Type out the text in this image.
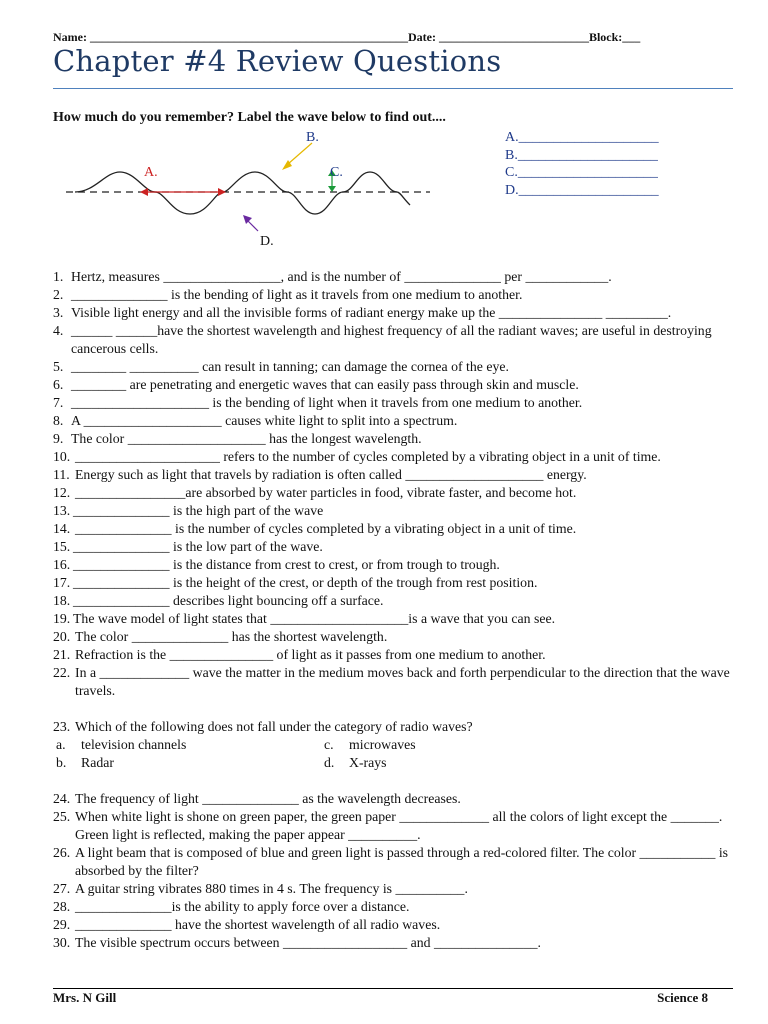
Name: _____________________________________________________Date: _________________________Block:___
Chapter #4 Review Questions
How much do you remember? Label the wave below to find out....
A.
B.
C.
D.
A.____________________
B.____________________
C.____________________
D.____________________
1. Hertz, measures _________________, and is the number of ______________ per ____________.
2. ______________ is the bending of light as it travels from one medium to another.
3. Visible light energy and all the invisible forms of radiant energy make up the _______________ _________.
4. ______ ______have the shortest wavelength and highest frequency of all the radiant waves; are useful in destroying cancerous cells.
5. ________ __________ can result in tanning; can damage the cornea of the eye.
6. ________ are penetrating and energetic waves that can easily pass through skin and muscle.
7. ____________________ is the bending of light when it travels from one medium to another.
8. A ____________________ causes white light to split into a spectrum.
9. The color ____________________ has the longest wavelength.
10. _____________________ refers to the number of cycles completed by a vibrating object in a unit of time.
11. Energy such as light that travels by radiation is often called ____________________ energy.
12. ________________are absorbed by water particles in food, vibrate faster, and become hot.
13. ______________ is the high part of the wave
14. ______________ is the number of cycles completed by a vibrating object in a unit of time.
15. ______________ is the low part of the wave.
16. ______________ is the distance from crest to crest, or from trough to trough.
17. ______________ is the height of the crest, or depth of the trough from rest position.
18. ______________ describes light bouncing off a surface.
19. The wave model of light states that ____________________is a wave that you can see.
20. The color ______________ has the shortest wavelength.
21. Refraction is the _______________ of light as it passes from one medium to another.
22. In a _____________ wave the matter in the medium moves back and forth perpendicular to the direction that the wave travels.
23. Which of the following does not fall under the category of radio waves?
a. television channels	c. microwaves
b. Radar	d. X-rays
24. The frequency of light ______________ as the wavelength decreases.
25. When white light is shone on green paper, the green paper _____________ all the colors of light except the _______. Green light is reflected, making the paper appear __________.
26. A light beam that is composed of blue and green light is passed through a red-colored filter. The color ___________ is absorbed by the filter?
27. A guitar string vibrates 880 times in 4 s. The frequency is __________.
28. ______________is the ability to apply force over a distance.
29. ______________ have the shortest wavelength of all radio waves.
30. The visible spectrum occurs between __________________ and _______________.
Mrs. N Gill	Science 8
